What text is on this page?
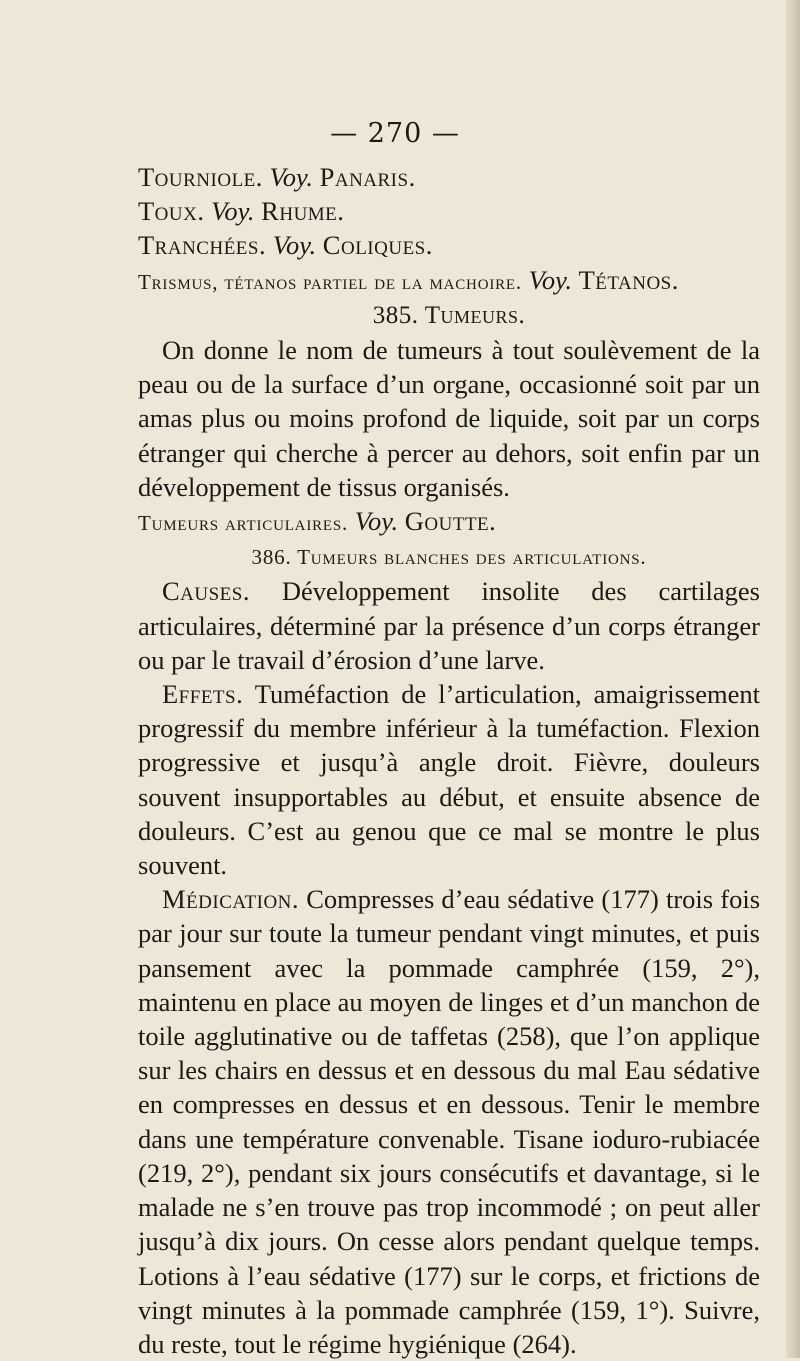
— 270 —

Tourniole. Voy. Panaris.

Toux. Voy. Rhume.

Tranchées. Voy. Coliques.

Trismus, tétanos partiel de la machoire. Voy. Tétanos.

385. Tumeurs.

On donne le nom de tumeurs à tout soulèvement de la peau ou de la surface d’un organe, occasionné soit par un amas plus ou moins profond de liquide, soit par un corps étranger qui cherche à percer au dehors, soit enfin par un développement de tissus organisés.

Tumeurs articulaires. Voy. Goutte.

386. Tumeurs blanches des articulations.

Causes. Développement insolite des cartilages articulaires, déterminé par la présence d’un corps étranger ou par le travail d’érosion d’une larve.

Effets. Tuméfaction de l’articulation, amaigrissement progressif du membre inférieur à la tuméfaction. Flexion progressive et jusqu’à angle droit. Fièvre, douleurs souvent insupportables au début, et ensuite absence de douleurs. C’est au genou que ce mal se montre le plus souvent.

Médication. Compresses d’eau sédative (177) trois fois par jour sur toute la tumeur pendant vingt minutes, et puis pansement avec la pommade camphrée (159, 2°), maintenu en place au moyen de linges et d’un manchon de toile agglutinative ou de taffetas (258), que l’on applique sur les chairs en dessus et en dessous du mal Eau sédative en compresses en dessus et en dessous. Tenir le membre dans une température convenable. Tisane ioduro-rubiacée (219, 2°), pendant six jours consécutifs et davantage, si le malade ne s’en trouve pas trop incommodé ; on peut aller jusqu’à dix jours. On cesse alors pendant quelque temps. Lotions à l’eau sédative (177) sur le corps, et frictions de vingt minutes à la pommade camphrée (159, 1°). Suivre, du reste, tout le régime hygiénique (264).
